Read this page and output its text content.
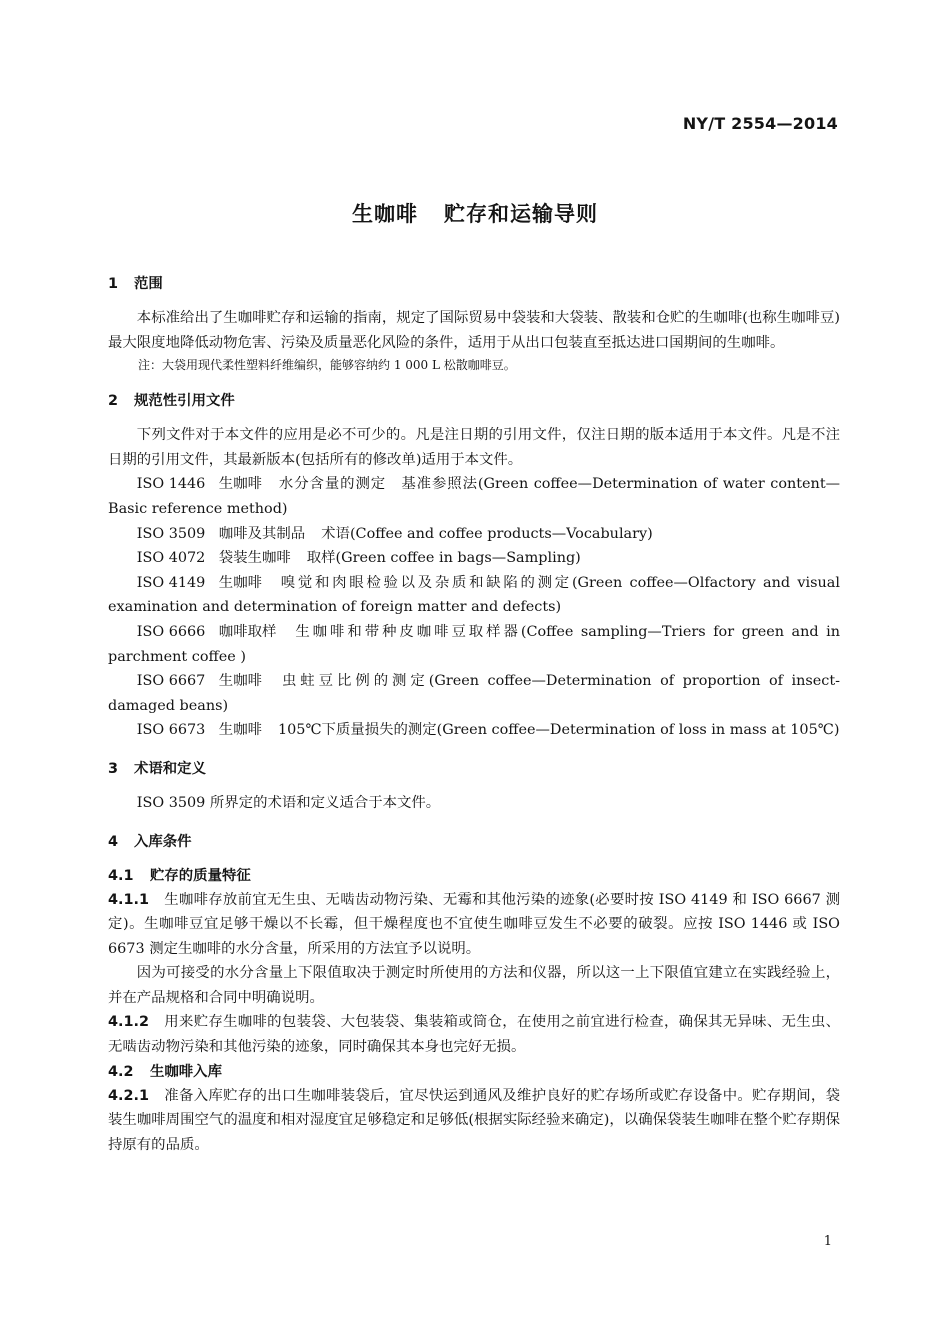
NY/T 2554—2014
生咖啡 贮存和运输导则
1 范围

本标准给出了生咖啡贮存和运输的指南，规定了国际贸易中袋装和大袋装、散装和仓贮的生咖啡(也称生咖啡豆)最大限度地降低动物危害、污染及质量恶化风险的条件，适用于从出口包装直至抵达进口国期间的生咖啡。

注：大袋用现代柔性塑料纤维编织，能够容纳约 1 000 L 松散咖啡豆。

2 规范性引用文件

下列文件对于本文件的应用是必不可少的。凡是注日期的引用文件，仅注日期的版本适用于本文件。凡是不注日期的引用文件，其最新版本(包括所有的修改单)适用于本文件。

ISO 1446 生咖啡 水分含量的测定　基准参照法(Green coffee—Determination of water content—Basic reference method)

ISO 3509 咖啡及其制品 术语(Coffee and coffee products—Vocabulary)

ISO 4072 袋装生咖啡 取样(Green coffee in bags—Sampling)

ISO 4149 生咖啡 嗅觉和肉眼检验以及杂质和缺陷的测定(Green coffee—Olfactory and visual examination and determination of foreign matter and defects)

ISO 6666 咖啡取样 生咖啡和带种皮咖啡豆取样器(Coffee sampling—Triers for green and in parchment coffee )

ISO 6667 生咖啡 虫蛀豆比例的测定(Green coffee—Determination of proportion of insect-damaged beans)

ISO 6673 生咖啡 105℃下质量损失的测定(Green coffee—Determination of loss in mass at 105℃)

3 术语和定义

ISO 3509 所界定的术语和定义适合于本文件。

4 入库条件
4.1 贮存的质量特征

4.1.1 生咖啡存放前宜无生虫、无啮齿动物污染、无霉和其他污染的迹象(必要时按 ISO 4149 和 ISO 6667 测定)。生咖啡豆宜足够干燥以不长霉，但干燥程度也不宜使生咖啡豆发生不必要的破裂。应按 ISO 1446 或 ISO 6673 测定生咖啡的水分含量，所采用的方法宜予以说明。

因为可接受的水分含量上下限值取决于测定时所使用的方法和仪器，所以这一上下限值宜建立在实践经验上，并在产品规格和合同中明确说明。

4.1.2 用来贮存生咖啡的包装袋、大包装袋、集装箱或筒仓，在使用之前宜进行检查，确保其无异味、无生虫、无啮齿动物污染和其他污染的迹象，同时确保其本身也完好无损。

4.2 生咖啡入库

4.2.1 准备入库贮存的出口生咖啡装袋后，宜尽快运到通风及维护良好的贮存场所或贮存设备中。贮存期间，袋装生咖啡周围空气的温度和相对湿度宜足够稳定和足够低(根据实际经验来确定)，以确保袋装生咖啡在整个贮存期保持原有的品质。

1
